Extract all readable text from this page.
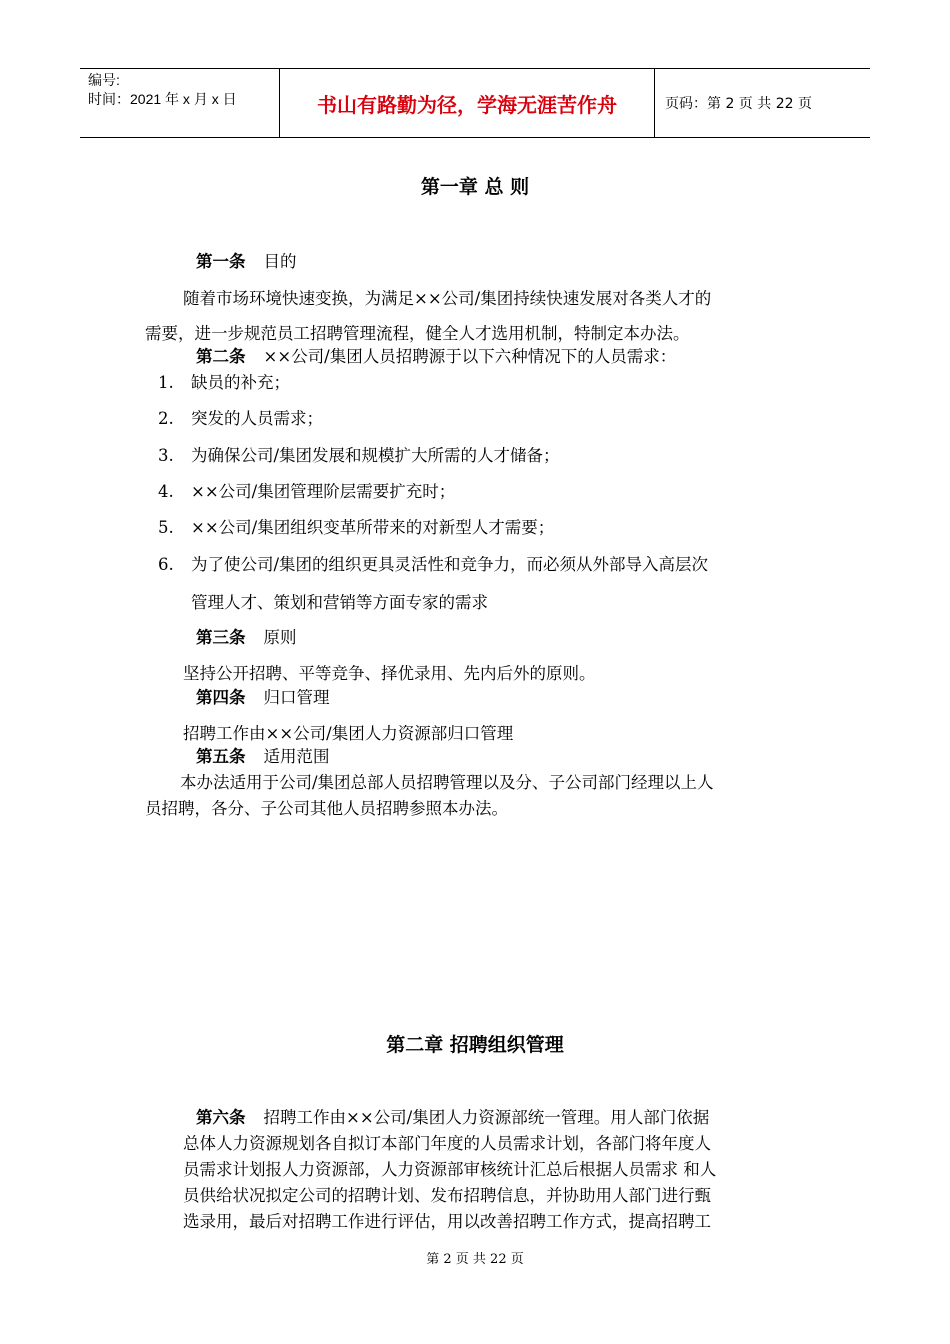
编号:
时间：2021 年 x 月 x 日	书山有路勤为径，学海无涯苦作舟	页码：第 2 页 共 22 页
第一章 总 则
第一条 目的
随着市场环境快速变换，为满足××公司/集团持续快速发展对各类人才的
需要，进一步规范员工招聘管理流程，健全人才选用机制，特制定本办法。
第二条 ××公司/集团人员招聘源于以下六种情况下的人员需求：
1. 缺员的补充；
2. 突发的人员需求；
3. 为确保公司/集团发展和规模扩大所需的人才储备；
4. ××公司/集团管理阶层需要扩充时；
5. ××公司/集团组织变革所带来的对新型人才需要；
6. 为了使公司/集团的组织更具灵活性和竞争力，而必须从外部导入高层次
管理人才、策划和营销等方面专家的需求
第三条 原则
坚持公开招聘、平等竞争、择优录用、先内后外的原则。
第四条 归口管理
招聘工作由××公司/集团人力资源部归口管理
第五条 适用范围
本办法适用于公司/集团总部人员招聘管理以及分、子公司部门经理以上人
员招聘，各分、子公司其他人员招聘参照本办法。
第二章 招聘组织管理
第六条 招聘工作由××公司/集团人力资源部统一管理。用人部门依据
总体人力资源规划各自拟订本部门年度的人员需求计划，各部门将年度人
员需求计划报人力资源部，人力资源部审核统计汇总后根据人员需求 和人
员供给状况拟定公司的招聘计划、发布招聘信息，并协助用人部门进行甄
选录用，最后对招聘工作进行评估，用以改善招聘工作方式，提高招聘工
第 2 页 共 22 页
